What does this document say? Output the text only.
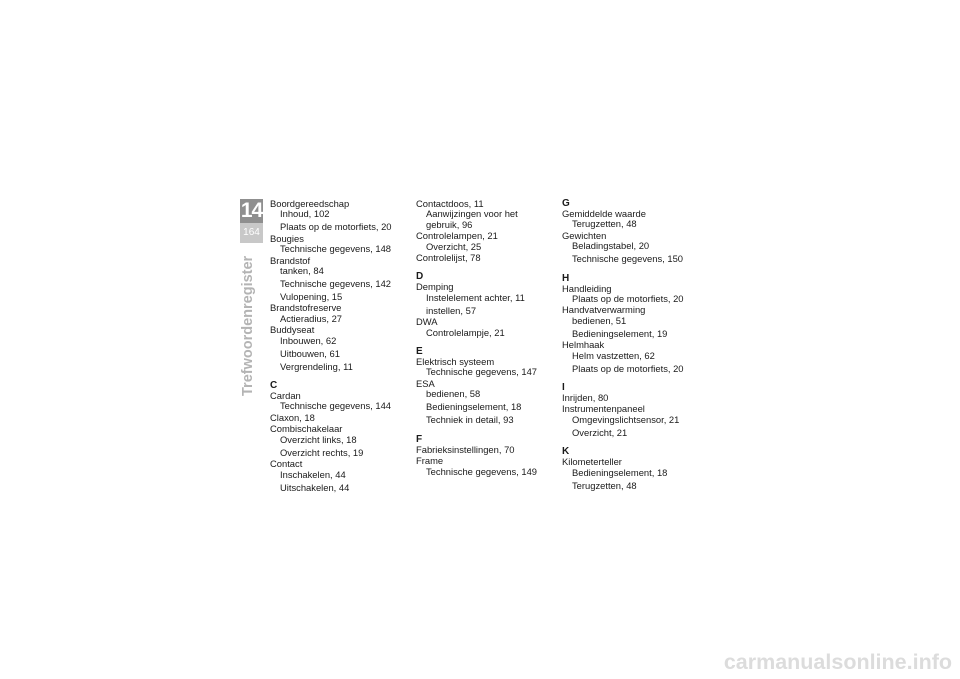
14
164
Trefwoordenregister
Boordgereedschap
Inhoud, 102
Plaats op de motorfiets, 20
Bougies
Technische gegevens, 148
Brandstof
tanken, 84
Technische gegevens, 142
Vulopening, 15
Brandstofreserve
Actieradius, 27
Buddyseat
Inbouwen, 62
Uitbouwen, 61
Vergrendeling, 11
C
Cardan
Technische gegevens, 144
Claxon, 18
Combischakelaar
Overzicht links, 18
Overzicht rechts, 19
Contact
Inschakelen, 44
Uitschakelen, 44
Contactdoos, 11
Aanwijzingen voor het
gebruik, 96
Controlelampen, 21
Overzicht, 25
Controlelijst, 78
D
Demping
Instelelement achter, 11
instellen, 57
DWA
Controlelampje, 21
E
Elektrisch systeem
Technische gegevens, 147
ESA
bedienen, 58
Bedieningselement, 18
Techniek in detail, 93
F
Fabrieksinstellingen, 70
Frame
Technische gegevens, 149
G
Gemiddelde waarde
Terugzetten, 48
Gewichten
Beladingstabel, 20
Technische gegevens, 150
H
Handleiding
Plaats op de motorfiets, 20
Handvatverwarming
bedienen, 51
Bedieningselement, 19
Helmhaak
Helm vastzetten, 62
Plaats op de motorfiets, 20
I
Inrijden, 80
Instrumentenpaneel
Omgevingslichtsensor, 21
Overzicht, 21
K
Kilometerteller
Bedieningselement, 18
Terugzetten, 48
carmanualsonline.info
